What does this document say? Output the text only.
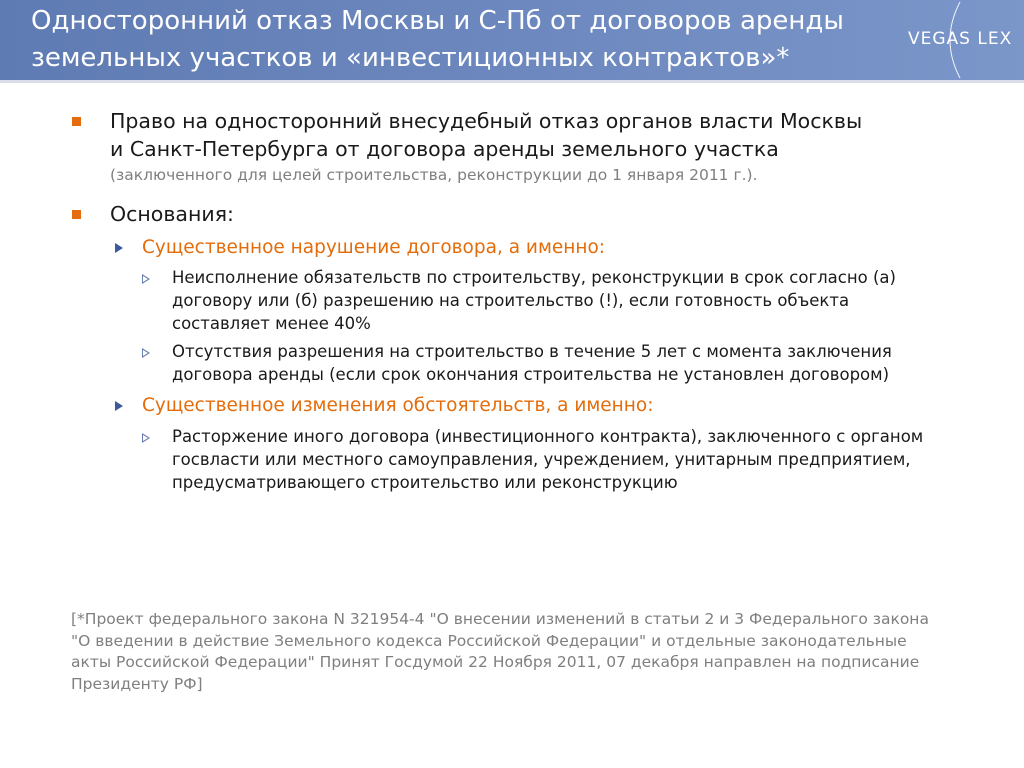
Односторонний отказ Москвы и С-Пб от договоров аренды
земельных участков и «инвестиционных контрактов»*
VEGAS LEX
Право на односторонний внесудебный отказ органов власти Москвы
и Санкт-Петербурга от договора аренды земельного участка
(заключенного для целей строительства, реконструкции до 1 января 2011 г.).
Основания:
Существенное нарушение договора, а именно:
Неисполнение обязательств по строительству, реконструкции в срок согласно (а)
договору или (б) разрешению на строительство (!), если готовность объекта
составляет менее 40%
Отсутствия разрешения на строительство в течение 5 лет с момента заключения
договора аренды (если срок окончания строительства не установлен договором)
Существенное изменения обстоятельств, а именно:
Расторжение иного договора (инвестиционного контракта), заключенного с органом
госвласти или местного самоуправления, учреждением, унитарным предприятием,
предусматривающего строительство или реконструкцию
[*Проект федерального закона N 321954-4 "О внесении изменений в статьи 2 и 3 Федерального закона
"О введении в действие Земельного кодекса Российской Федерации" и отдельные законодательные
акты Российской Федерации" Принят Госдумой 22 Ноября 2011, 07 декабря направлен на подписание
Президенту РФ]
